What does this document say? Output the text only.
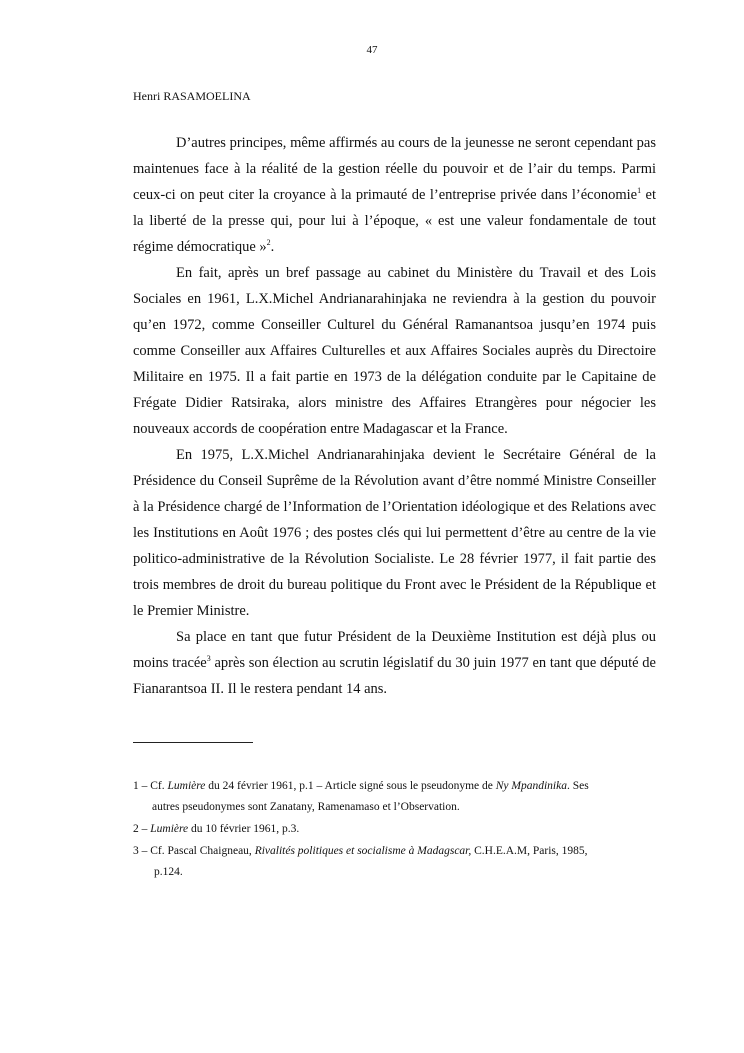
47
Henri RASAMOELINA

D’autres principes, même affirmés au cours de la jeunesse ne seront cependant pas maintenues face à la réalité de la gestion réelle du pouvoir et de l’air du temps. Parmi ceux-ci on peut citer la croyance à la primauté de l’entreprise privée dans l’économie$^1$ et la liberté de la presse qui, pour lui à l’époque, « est une valeur fondamentale de tout régime démocratique »$^2$.

En fait, après un bref passage au cabinet du Ministère du Travail et des Lois Sociales en 1961, L.X.Michel Andrianarahinjaka ne reviendra à la gestion du pouvoir qu’en 1972, comme Conseiller Culturel du Général Ramanantsoa jusqu’en 1974 puis comme Conseiller aux Affaires Culturelles et aux Affaires Sociales auprès du Directoire Militaire en 1975. Il a fait partie en 1973 de la délégation conduite par le Capitaine de Frégate Didier Ratsiraka, alors ministre des Affaires Etrangères pour négocier les nouveaux accords de coopération entre Madagascar et la France.

En 1975, L.X.Michel Andrianarahinjaka devient le Secrétaire Général de la Présidence du Conseil Suprême de la Révolution avant d’être nommé Ministre Conseiller à la Présidence chargé de l’Information de l’Orientation idéologique et des Relations avec les Institutions en Août 1976 ; des postes clés qui lui permettent d’être au centre de la vie politico-administrative de la Révolution Socialiste. Le 28 février 1977, il fait partie des trois membres de droit du bureau politique du Front avec le Président de la République et le Premier Ministre.

Sa place en tant que futur Président de la Deuxième Institution est déjà plus ou moins tracée$^3$ après son élection au scrutin législatif du 30 juin 1977 en tant que député de Fianarantsoa II. Il le restera pendant 14 ans.

1 – Cf. Lumière du 24 février 1961, p.1 – Article signé sous le pseudonyme de Ny Mpandinika. Ses
autres pseudonymes sont Zanatany, Ramenamaso et l’Observation.
2 – Lumière du 10 février 1961, p.3.
3 – Cf. Pascal Chaigneau, Rivalités politiques et socialisme à Madagscar, C.H.E.A.M, Paris, 1985,
p.124.
